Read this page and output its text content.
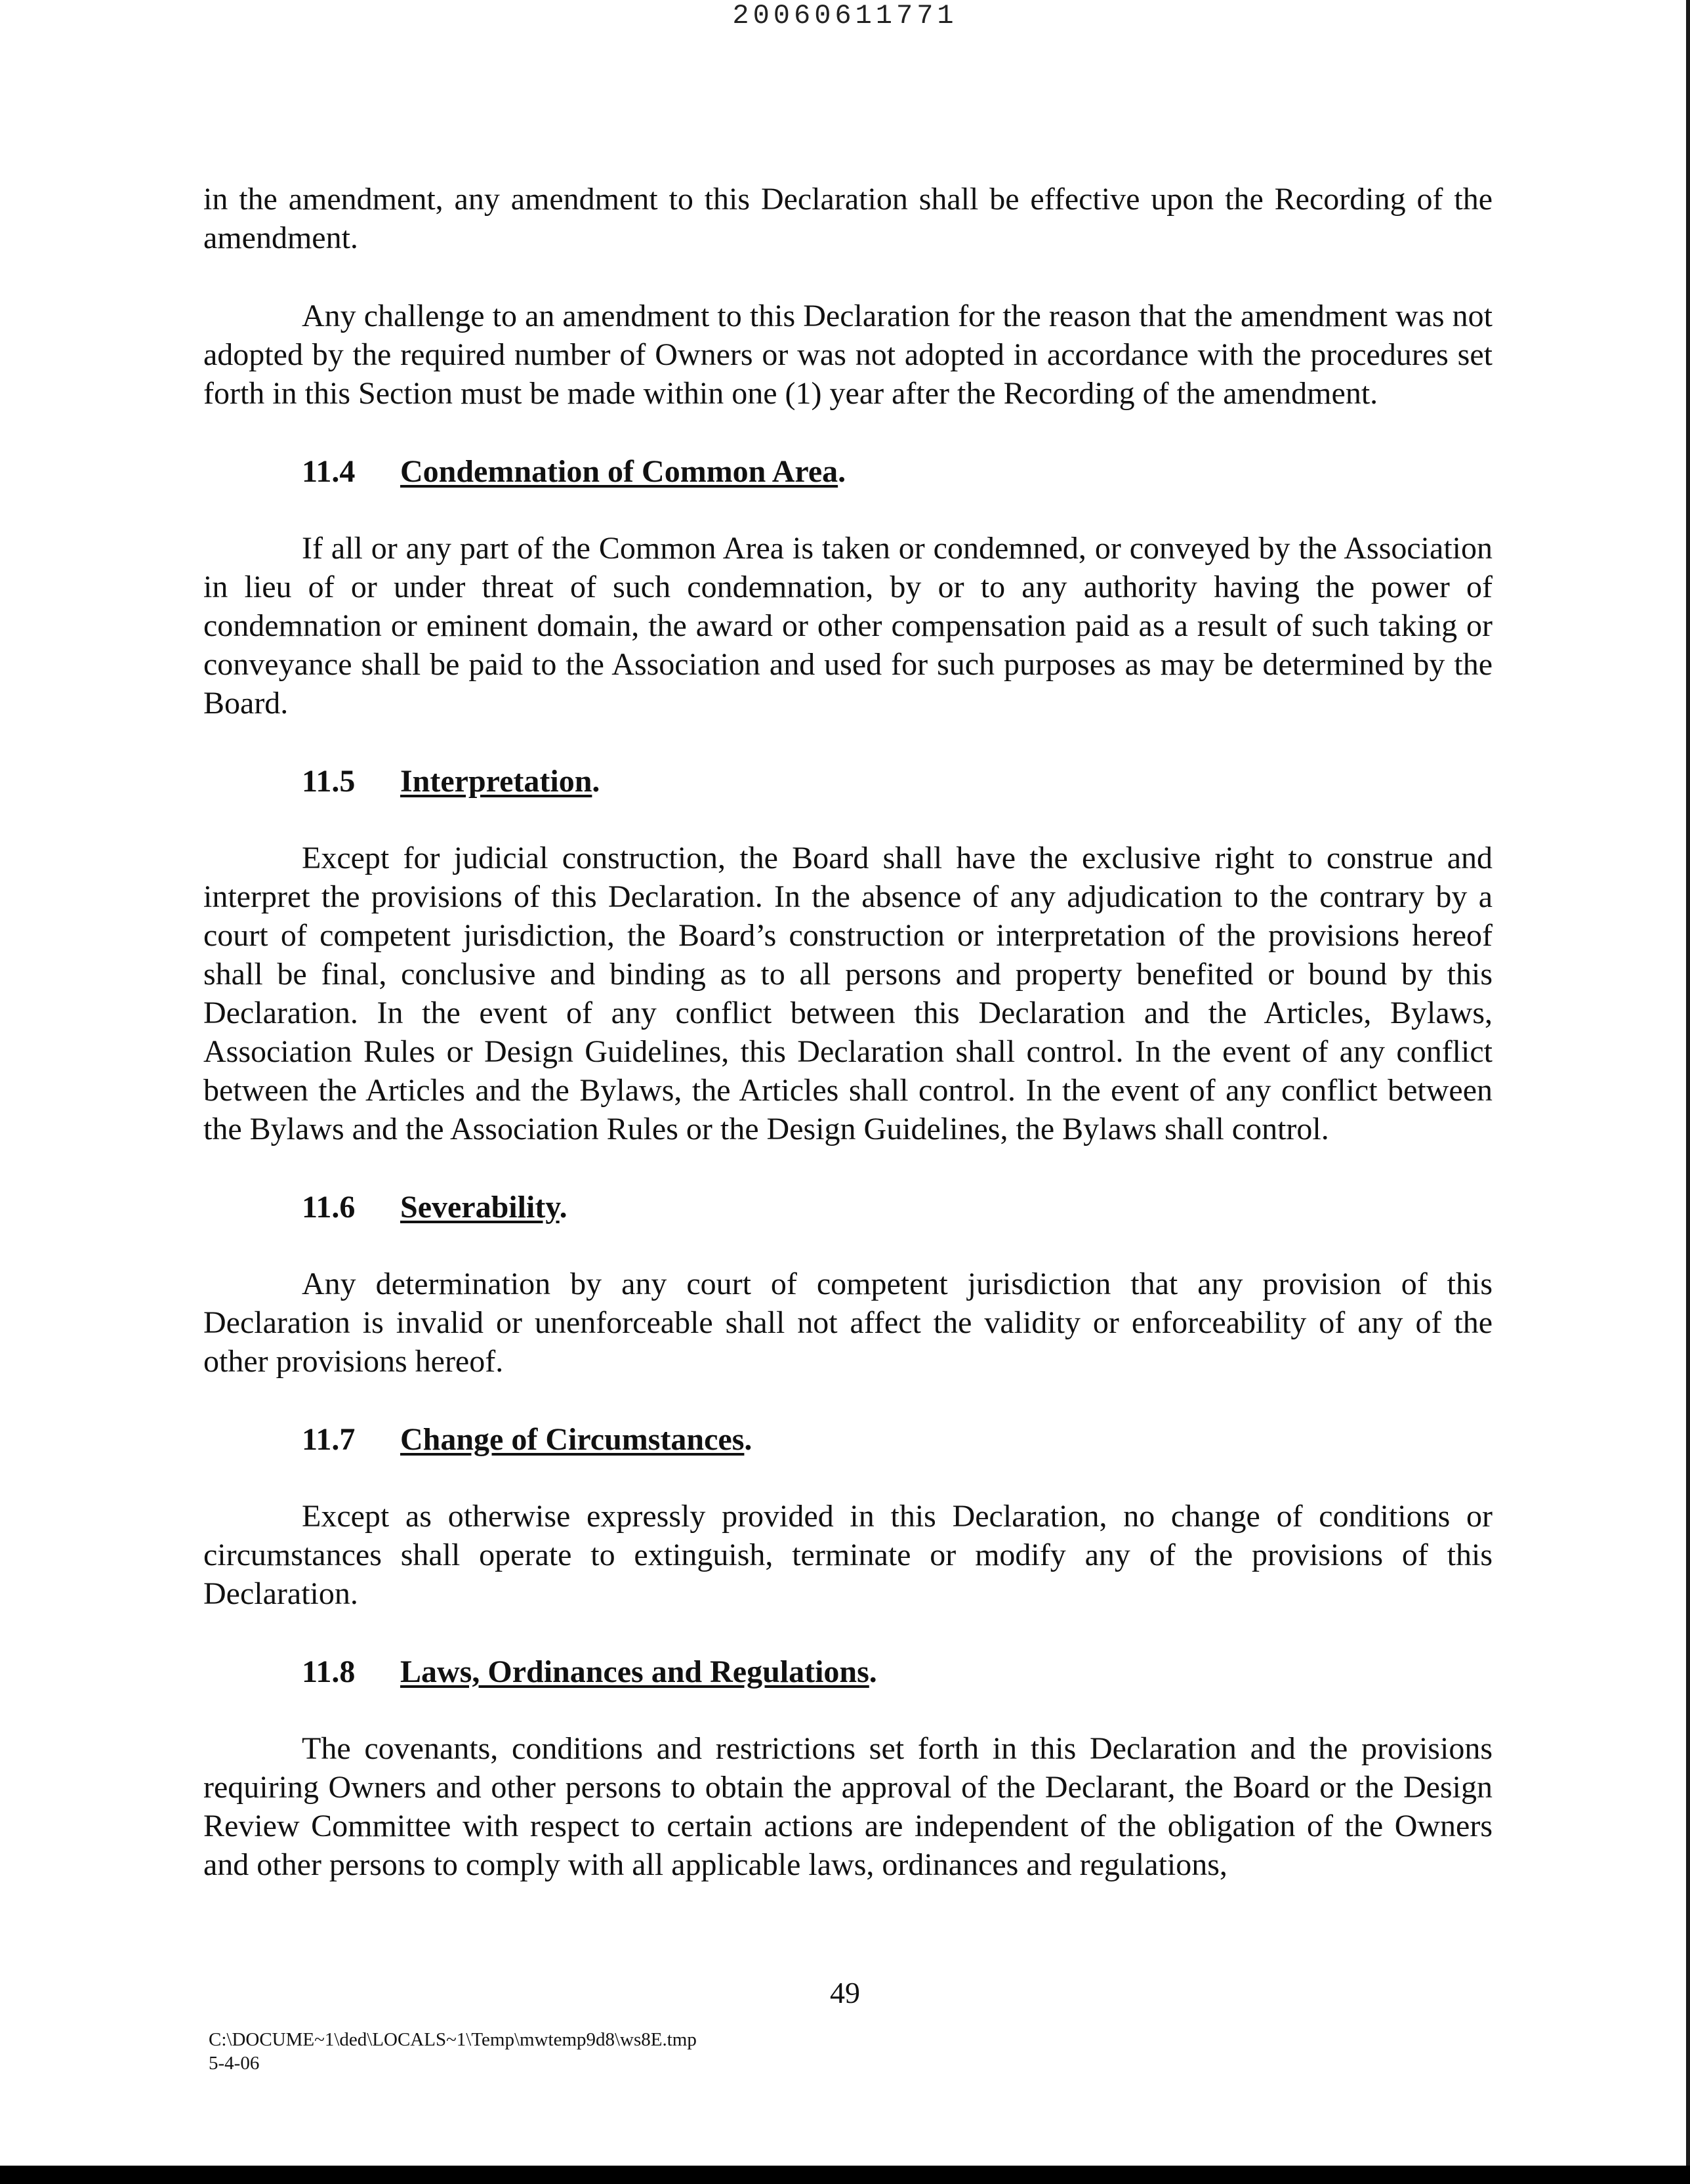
20060611771

in the amendment, any amendment to this Declaration shall be effective upon the Recording of the amendment.

Any challenge to an amendment to this Declaration for the reason that the amendment was not adopted by the required number of Owners or was not adopted in accordance with the procedures set forth in this Section must be made within one (1) year after the Recording of the amendment.

11.4 Condemnation of Common Area.

If all or any part of the Common Area is taken or condemned, or conveyed by the Association in lieu of or under threat of such condemnation, by or to any authority having the power of condemnation or eminent domain, the award or other compensation paid as a result of such taking or conveyance shall be paid to the Association and used for such purposes as may be determined by the Board.

11.5 Interpretation.

Except for judicial construction, the Board shall have the exclusive right to construe and interpret the provisions of this Declaration. In the absence of any adjudication to the contrary by a court of competent jurisdiction, the Board’s construction or interpretation of the provisions hereof shall be final, conclusive and binding as to all persons and property benefited or bound by this Declaration. In the event of any conflict between this Declaration and the Articles, Bylaws, Association Rules or Design Guidelines, this Declaration shall control. In the event of any conflict between the Articles and the Bylaws, the Articles shall control. In the event of any conflict between the Bylaws and the Association Rules or the Design Guidelines, the Bylaws shall control.

11.6 Severability.

Any determination by any court of competent jurisdiction that any provision of this Declaration is invalid or unenforceable shall not affect the validity or enforceability of any of the other provisions hereof.

11.7 Change of Circumstances.

Except as otherwise expressly provided in this Declaration, no change of conditions or circumstances shall operate to extinguish, terminate or modify any of the provisions of this Declaration.

11.8 Laws, Ordinances and Regulations.

The covenants, conditions and restrictions set forth in this Declaration and the provisions requiring Owners and other persons to obtain the approval of the Declarant, the Board or the Design Review Committee with respect to certain actions are independent of the obligation of the Owners and other persons to comply with all applicable laws, ordinances and regulations,

49
C:\DOCUME~1\ded\LOCALS~1\Temp\mwtemp9d8\ws8E.tmp
5-4-06
